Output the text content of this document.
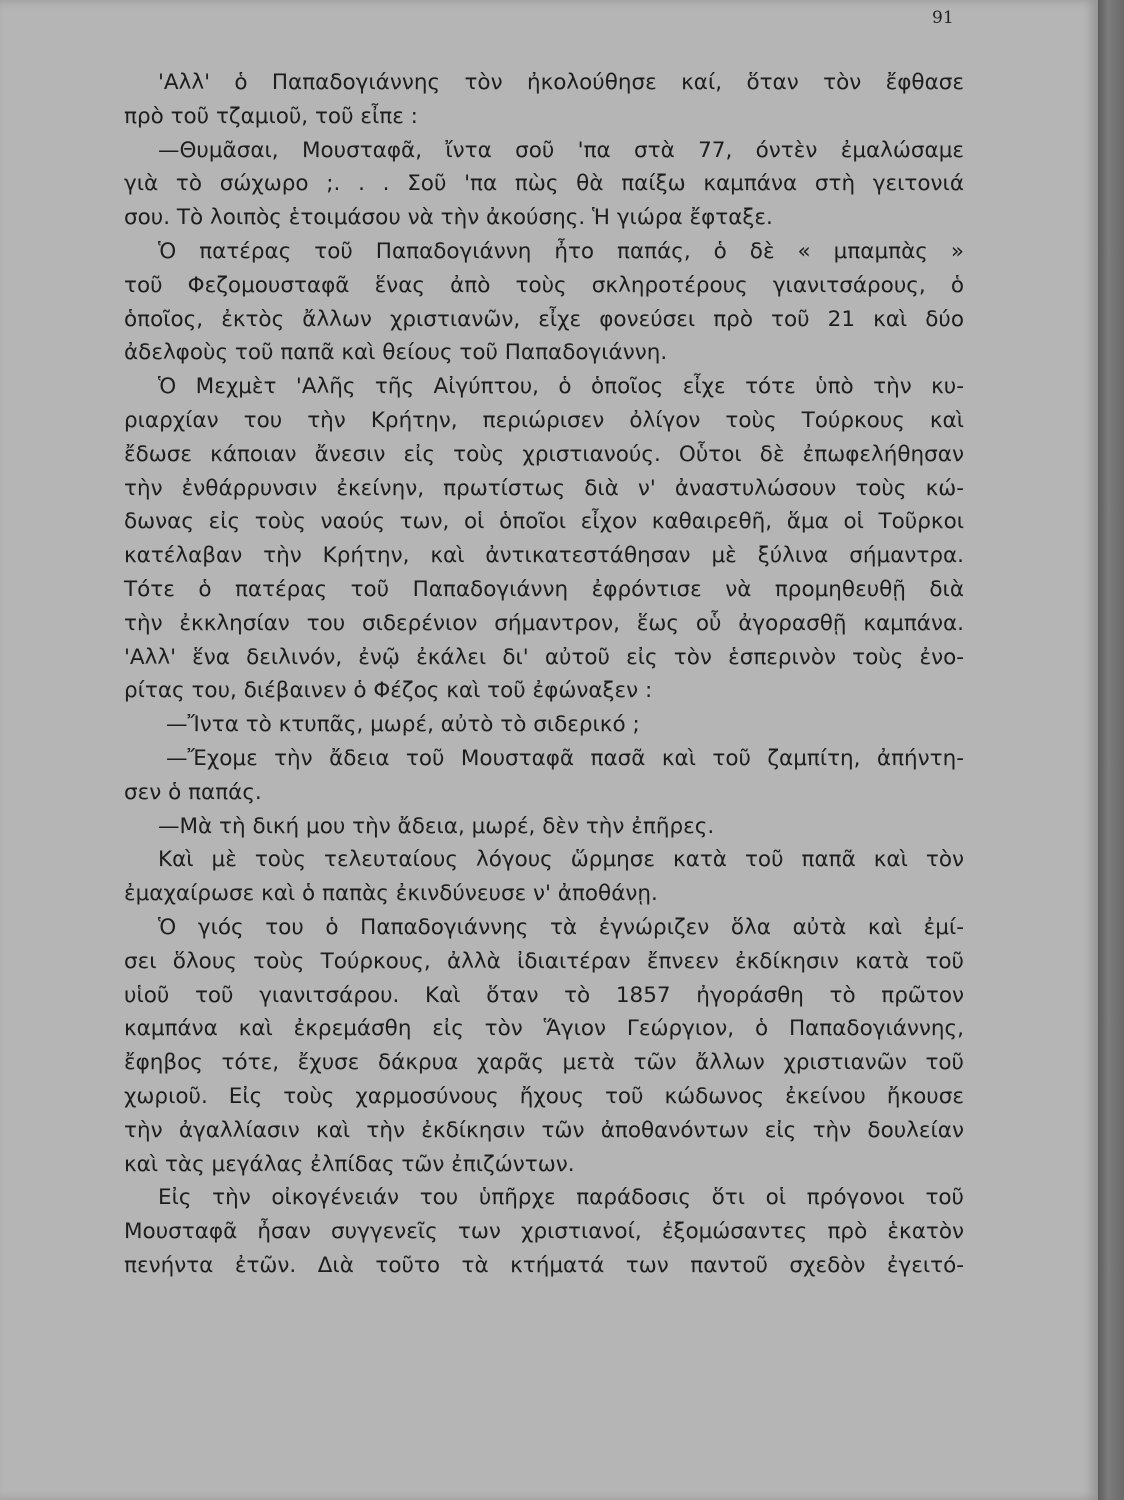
91
'Αλλ' ὁ Παπαδογιάννης τὸν ἠκολούθησε καί, ὅταν τὸν ἔφθασε
πρὸ τοῦ τζαμιοῦ, τοῦ εἶπε :
—Θυμᾶσαι, Μουσταφᾶ, ἴντα σοῦ 'πα στὰ 77, όντὲν ἐμαλώσαμε
γιὰ τὸ σώχωρο ;. . . Σοῦ 'πα πὼς θὰ παίξω καμπάνα στὴ γειτονιά
σου. Τὸ λοιπὸς ἑτοιμάσου νὰ τὴν ἀκούσης. Ἡ γιώρα ἔφταξε.
Ὁ πατέρας τοῦ Παπαδογιάννη ἦτο παπάς, ὁ δὲ « μπαμπὰς »
τοῦ Φεζομουσταφᾶ ἕνας ἀπὸ τοὺς σκληροτέρους γιανιτσάρους, ὁ
ὁποῖος, ἐκτὸς ἄλλων χριστιανῶν, εἶχε φονεύσει πρὸ τοῦ 21 καὶ δύο
ἀδελφοὺς τοῦ παπᾶ καὶ θείους τοῦ Παπαδογιάννη.
Ὁ Μεχμὲτ 'Αλῆς τῆς Αἰγύπτου, ὁ ὁποῖος εἶχε τότε ὑπὸ τὴν κυ-
ριαρχίαν του τὴν Κρήτην, περιώρισεν ὀλίγον τοὺς Τούρκους καὶ
ἔδωσε κάποιαν ἄνεσιν εἰς τοὺς χριστιανούς. Οὗτοι δὲ ἐπωφελήθησαν
τὴν ἐνθάρρυνσιν ἐκείνην, πρωτίστως διὰ ν' ἀναστυλώσουν τοὺς κώ-
δωνας εἰς τοὺς ναούς των, οἱ ὁποῖοι εἶχον καθαιρεθῆ, ἅμα οἱ Τοῦρκοι
κατέλαβαν τὴν Κρήτην, καὶ ἀντικατεστάθησαν μὲ ξύλινα σήμαντρα.
Τότε ὁ πατέρας τοῦ Παπαδογιάννη ἐφρόντισε νὰ προμηθευθῇ διὰ
τὴν ἐκκλησίαν του σιδερένιον σήμαντρον, ἕως οὗ ἀγορασθῇ καμπάνα.
'Αλλ' ἕνα δειλινόν, ἐνῷ ἐκάλει δι' αὐτοῦ εἰς τὸν ἑσπερινὸν τοὺς ἐνο-
ρίτας του, διέβαινεν ὁ Φέζος καὶ τοῦ ἐφώναξεν :
—Ἴντα τὸ κτυπᾶς, μωρέ, αὐτὸ τὸ σιδερικό ;
—Ἔχομε τὴν ἄδεια τοῦ Μουσταφᾶ πασᾶ καὶ τοῦ ζαμπίτη, ἀπήντη-
σεν ὁ παπάς.
—Μὰ τὴ δική μου τὴν ἄδεια, μωρέ, δὲν τὴν ἐπῆρες.
Καὶ μὲ τοὺς τελευταίους λόγους ὥρμησε κατὰ τοῦ παπᾶ καὶ τὸν
ἐμαχαίρωσε καὶ ὁ παπὰς ἐκινδύνευσε ν' ἀποθάνῃ.
Ὁ γιός του ὁ Παπαδογιάννης τὰ ἐγνώριζεν ὅλα αὐτὰ καὶ ἐμί-
σει ὅλους τοὺς Τούρκους, ἀλλὰ ἰδιαιτέραν ἔπνεεν ἐκδίκησιν κατὰ τοῦ
υἱοῦ τοῦ γιανιτσάρου. Καὶ ὅταν τὸ 1857 ἠγοράσθη τὸ πρῶτον
καμπάνα καὶ ἐκρεμάσθη εἰς τὸν Ἅγιον Γεώργιον, ὁ Παπαδογιάννης,
ἔφηβος τότε, ἔχυσε δάκρυα χαρᾶς μετὰ τῶν ἄλλων χριστιανῶν τοῦ
χωριοῦ. Εἰς τοὺς χαρμοσύνους ἤχους τοῦ κώδωνος ἐκείνου ἤκουσε
τὴν ἀγαλλίασιν καὶ τὴν ἐκδίκησιν τῶν ἀποθανόντων εἰς τὴν δουλείαν
καὶ τὰς μεγάλας ἐλπίδας τῶν ἐπιζώντων.
Εἰς τὴν οἰκογένειάν του ὑπῆρχε παράδοσις ὅτι οἱ πρόγονοι τοῦ
Μουσταφᾶ ἦσαν συγγενεῖς των χριστιανοί, ἐξομώσαντες πρὸ ἑκατὸν
πενήντα ἐτῶν. Διὰ τοῦτο τὰ κτήματά των παντοῦ σχεδὸν ἐγειτό-
